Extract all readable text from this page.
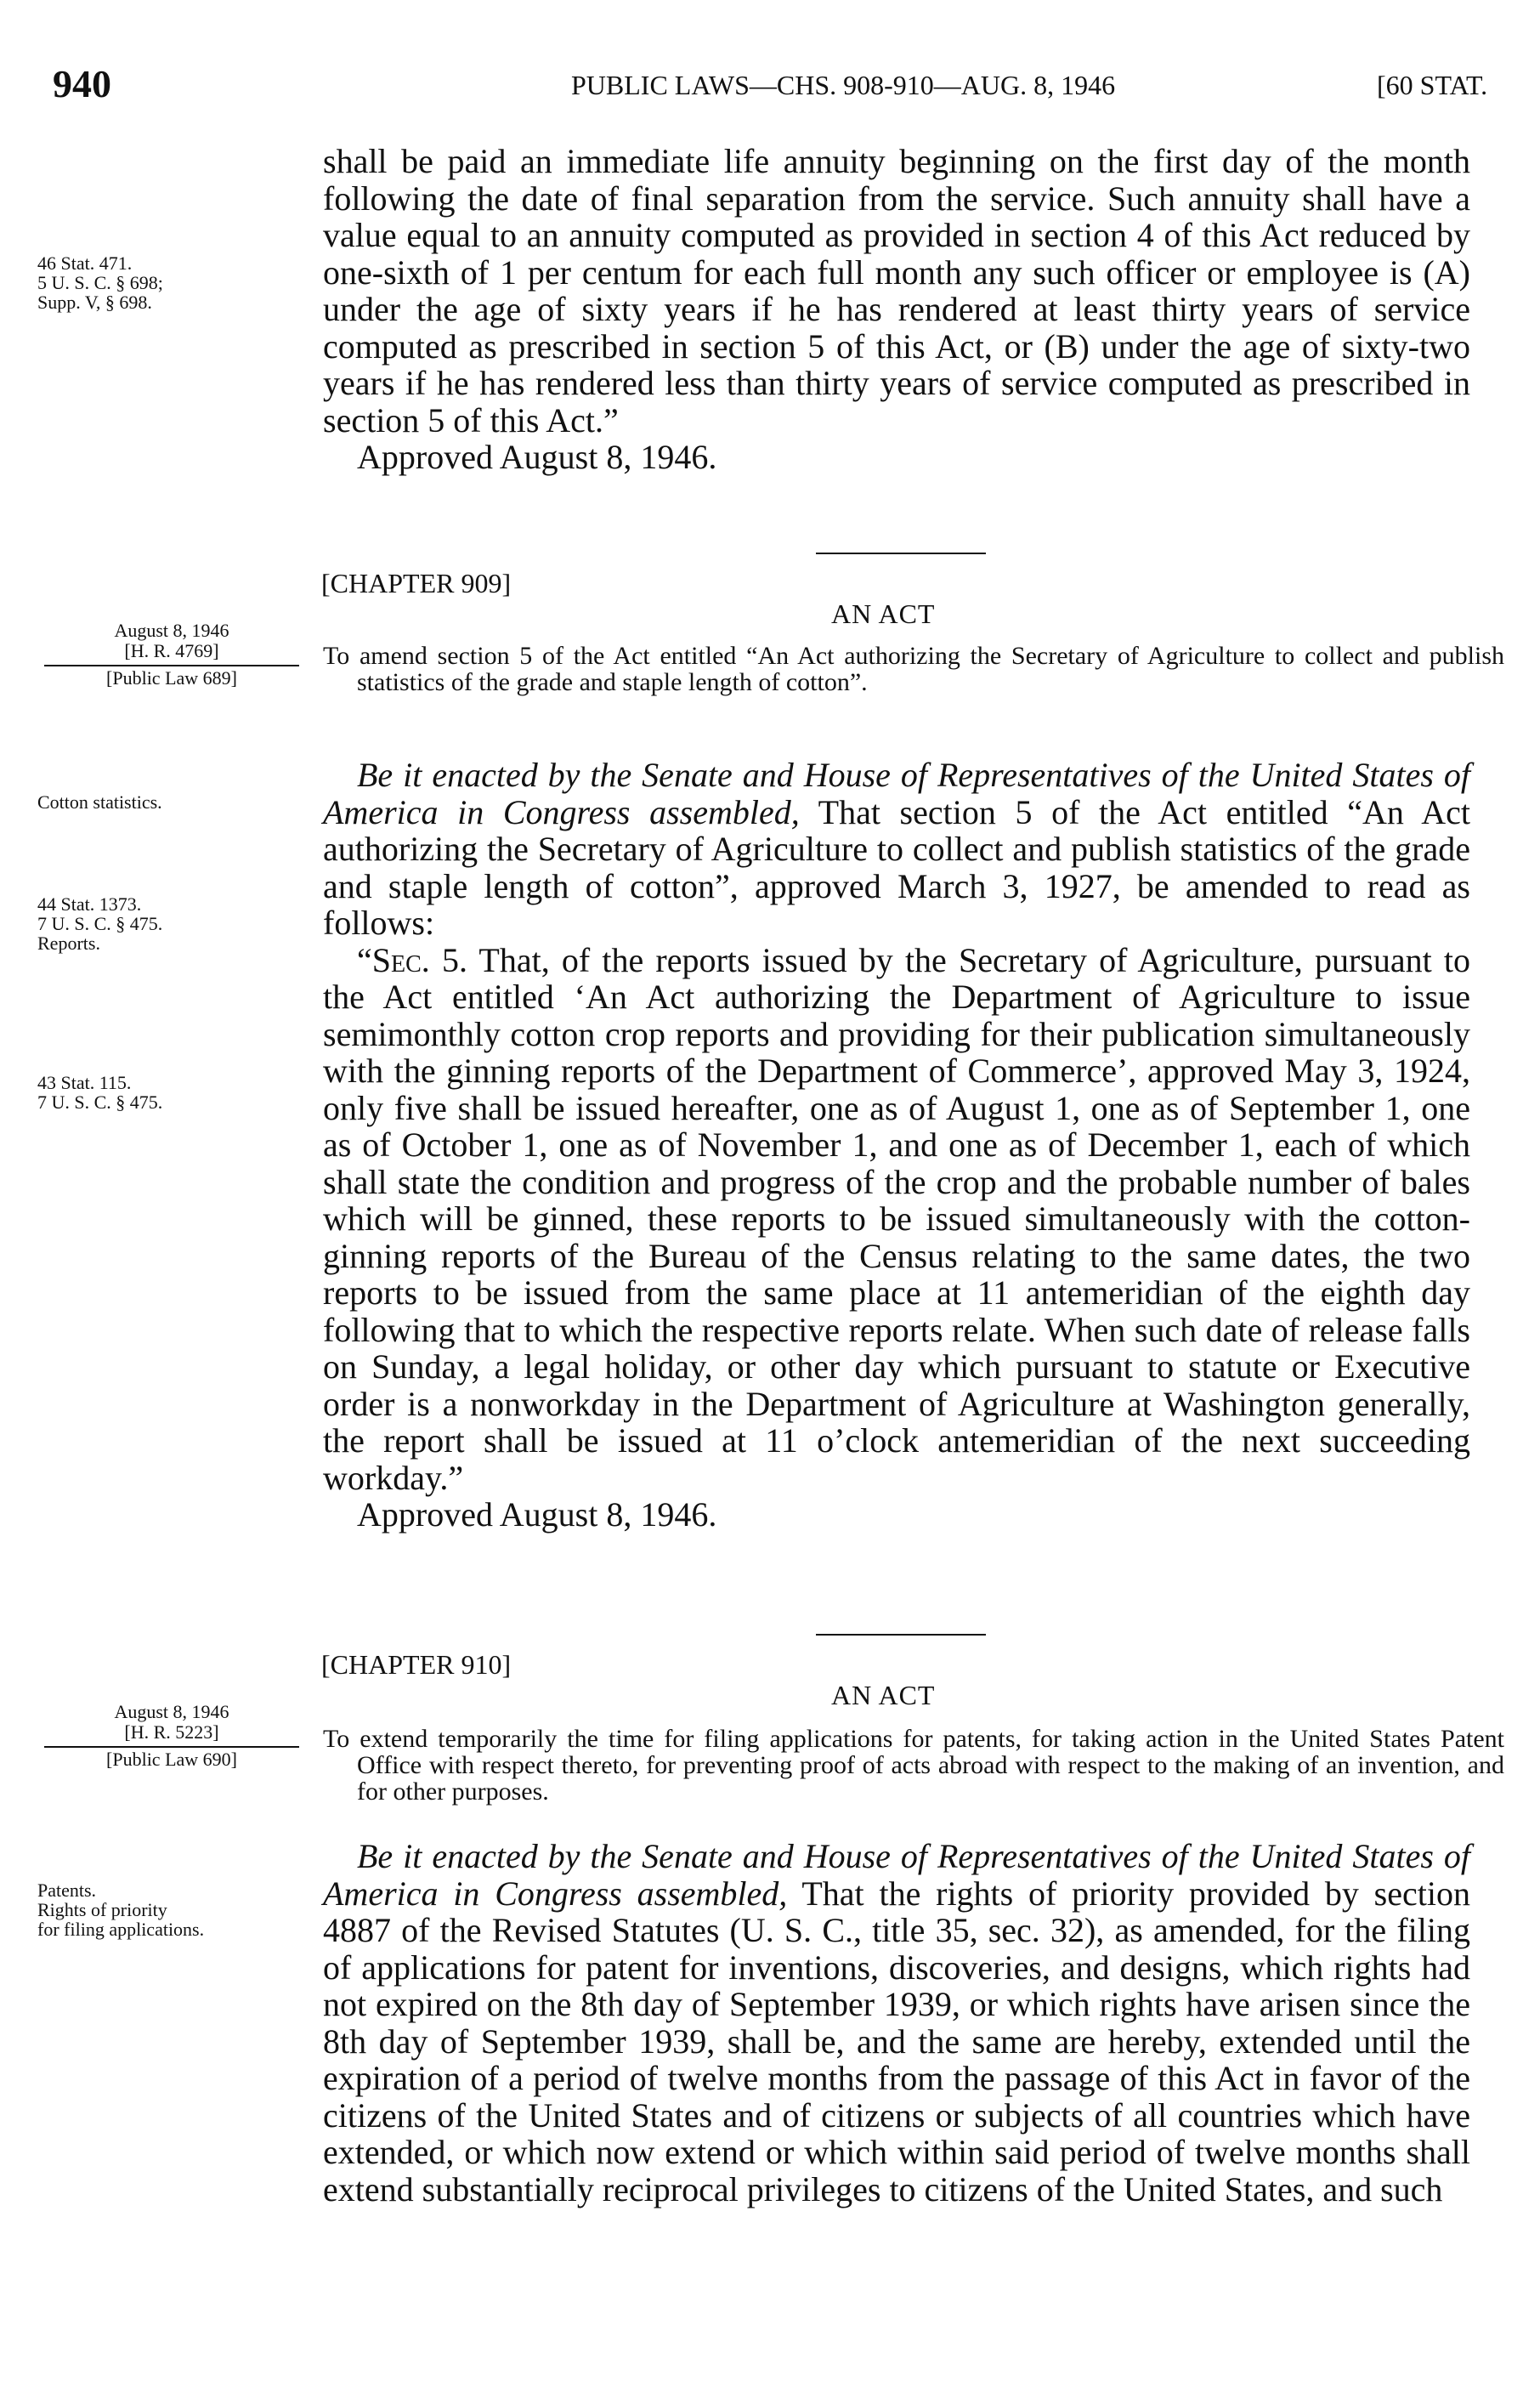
940	PUBLIC LAWS—CHS. 908-910—AUG. 8, 1946	[60 STAT.

shall be paid an immediate life annuity beginning on the first day of the month following the date of final separation from the service. Such annuity shall have a value equal to an annuity computed as provided in section 4 of this Act reduced by one-sixth of 1 per centum for each full month any such officer or employee is (A) under the age of sixty years if he has rendered at least thirty years of service computed as prescribed in section 5 of this Act, or (B) under the age of sixty-two years if he has rendered less than thirty years of service computed as prescribed in section 5 of this Act.”

Approved August 8, 1946.

46 Stat. 471.
5 U. S. C. § 698;
Supp. V, § 698.
[CHAPTER 909]
AN ACT
August 8, 1946
[H. R. 4769]
[Public Law 689]
To amend section 5 of the Act entitled “An Act authorizing the Secretary of Agriculture to collect and publish statistics of the grade and staple length of cotton”.

Be it enacted by the Senate and House of Representatives of the United States of America in Congress assembled, That section 5 of the Act entitled “An Act authorizing the Secretary of Agriculture to collect and publish statistics of the grade and staple length of cotton”, approved March 3, 1927, be amended to read as follows:

“Sec. 5. That, of the reports issued by the Secretary of Agriculture, pursuant to the Act entitled ‘An Act authorizing the Department of Agriculture to issue semimonthly cotton crop reports and providing for their publication simultaneously with the ginning reports of the Department of Commerce’, approved May 3, 1924, only five shall be issued hereafter, one as of August 1, one as of September 1, one as of October 1, one as of November 1, and one as of December 1, each of which shall state the condition and progress of the crop and the probable number of bales which will be ginned, these reports to be issued simultaneously with the cotton-ginning reports of the Bureau of the Census relating to the same dates, the two reports to be issued from the same place at 11 antemeridian of the eighth day following that to which the respective reports relate. When such date of release falls on Sunday, a legal holiday, or other day which pursuant to statute or Executive order is a nonworkday in the Department of Agriculture at Washington generally, the report shall be issued at 11 o’clock antemeridian of the next succeeding workday.”

Approved August 8, 1946.

Cotton statistics.
44 Stat. 1373.
7 U. S. C. § 475.
Reports.
43 Stat. 115.
7 U. S. C. § 475.
[CHAPTER 910]
AN ACT
August 8, 1946
[H. R. 5223]
[Public Law 690]
To extend temporarily the time for filing applications for patents, for taking action in the United States Patent Office with respect thereto, for preventing proof of acts abroad with respect to the making of an invention, and for other purposes.

Be it enacted by the Senate and House of Representatives of the United States of America in Congress assembled, That the rights of priority provided by section 4887 of the Revised Statutes (U. S. C., title 35, sec. 32), as amended, for the filing of applications for patent for inventions, discoveries, and designs, which rights had not expired on the 8th day of September 1939, or which rights have arisen since the 8th day of September 1939, shall be, and the same are hereby, extended until the expiration of a period of twelve months from the passage of this Act in favor of the citizens of the United States and of citizens or subjects of all countries which have extended, or which now extend or which within said period of twelve months shall extend substantially reciprocal privileges to citizens of the United States, and such

Patents.
Rights of priority
for filing applications.
